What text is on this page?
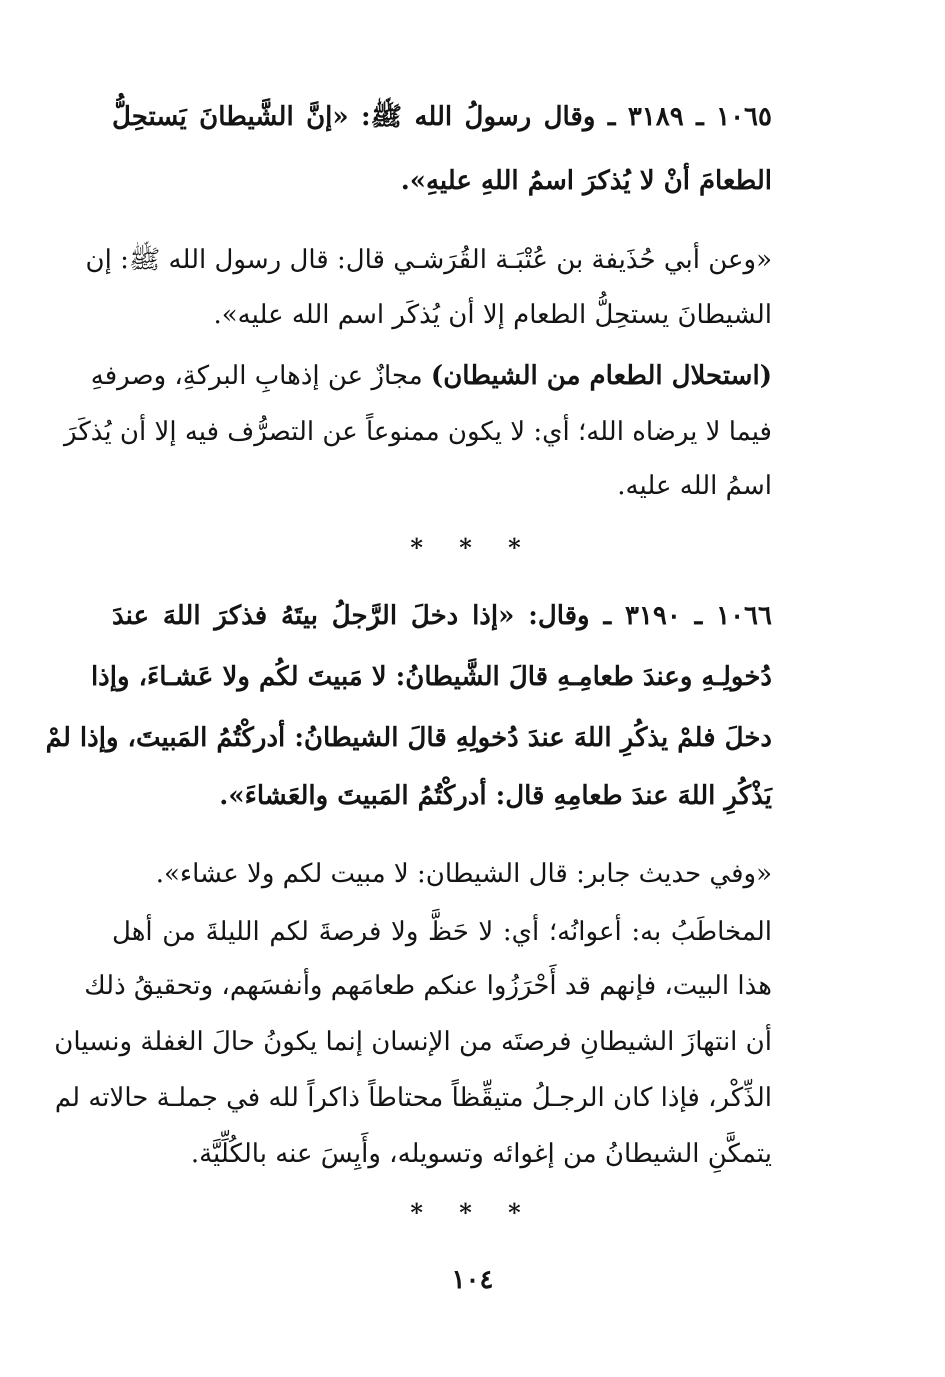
١٠٦٥ ـ ٣١٨٩ ـ وقال رسولُ الله ﷺ: «إنَّ الشَّيطانَ يَستحِلُّ
الطعامَ أنْ لا يُذكرَ اسمُ اللهِ عليهِ».
«وعن أبي حُذَيفة بن عُتْبَـة القُرَشـي قال: قال رسول الله ﷺ: إن
الشيطانَ يستحِلُّ الطعام إلا أن يُذكَر اسم الله عليه».
(استحلال الطعام من الشيطان) مجازٌ عن إذهابِ البركةِ، وصرفهِ
فيما لا يرضاه الله؛ أي: لا يكون ممنوعاً عن التصرُّف فيه إلا أن يُذكَرَ
اسمُ الله عليه.
* * *
١٠٦٦ ـ ٣١٩٠ ـ وقال: «إذا دخلَ الرَّجلُ بيتَهُ فذكرَ اللهَ عندَ
دُخولِـهِ وعندَ طعامِـهِ قالَ الشَّيطانُ: لا مَبيتَ لكُم ولا عَشـاءَ، وإذا
دخلَ فلمْ يذكُرِ اللهَ عندَ دُخولِهِ قالَ الشيطانُ: أدركْتُمُ المَبيتَ، وإذا لمْ
يَذْكُرِ اللهَ عندَ طعامِهِ قال: أدركْتُمُ المَبيتَ والعَشاءَ».
«وفي حديث جابر: قال الشيطان: لا مبيت لكم ولا عشاء».
المخاطَبُ به: أعوانُه؛ أي: لا حَظَّ ولا فرصةَ لكم الليلةَ من أهل
هذا البيت، فإنهم قد أَحْرَزُوا عنكم طعامَهم وأنفسَهم، وتحقيقُ ذلك
أن انتهازَ الشيطانِ فرصتَه من الإنسان إنما يكونُ حالَ الغفلة ونسيان
الذِّكْر، فإذا كان الرجـلُ متيقِّظاً محتاطاً ذاكراً لله في جملـة حالاته لم
يتمكَّنِ الشيطانُ من إغوائه وتسويله، وأَيِسَ عنه بالكُلِّيَّة.
* * *
١٠٤
